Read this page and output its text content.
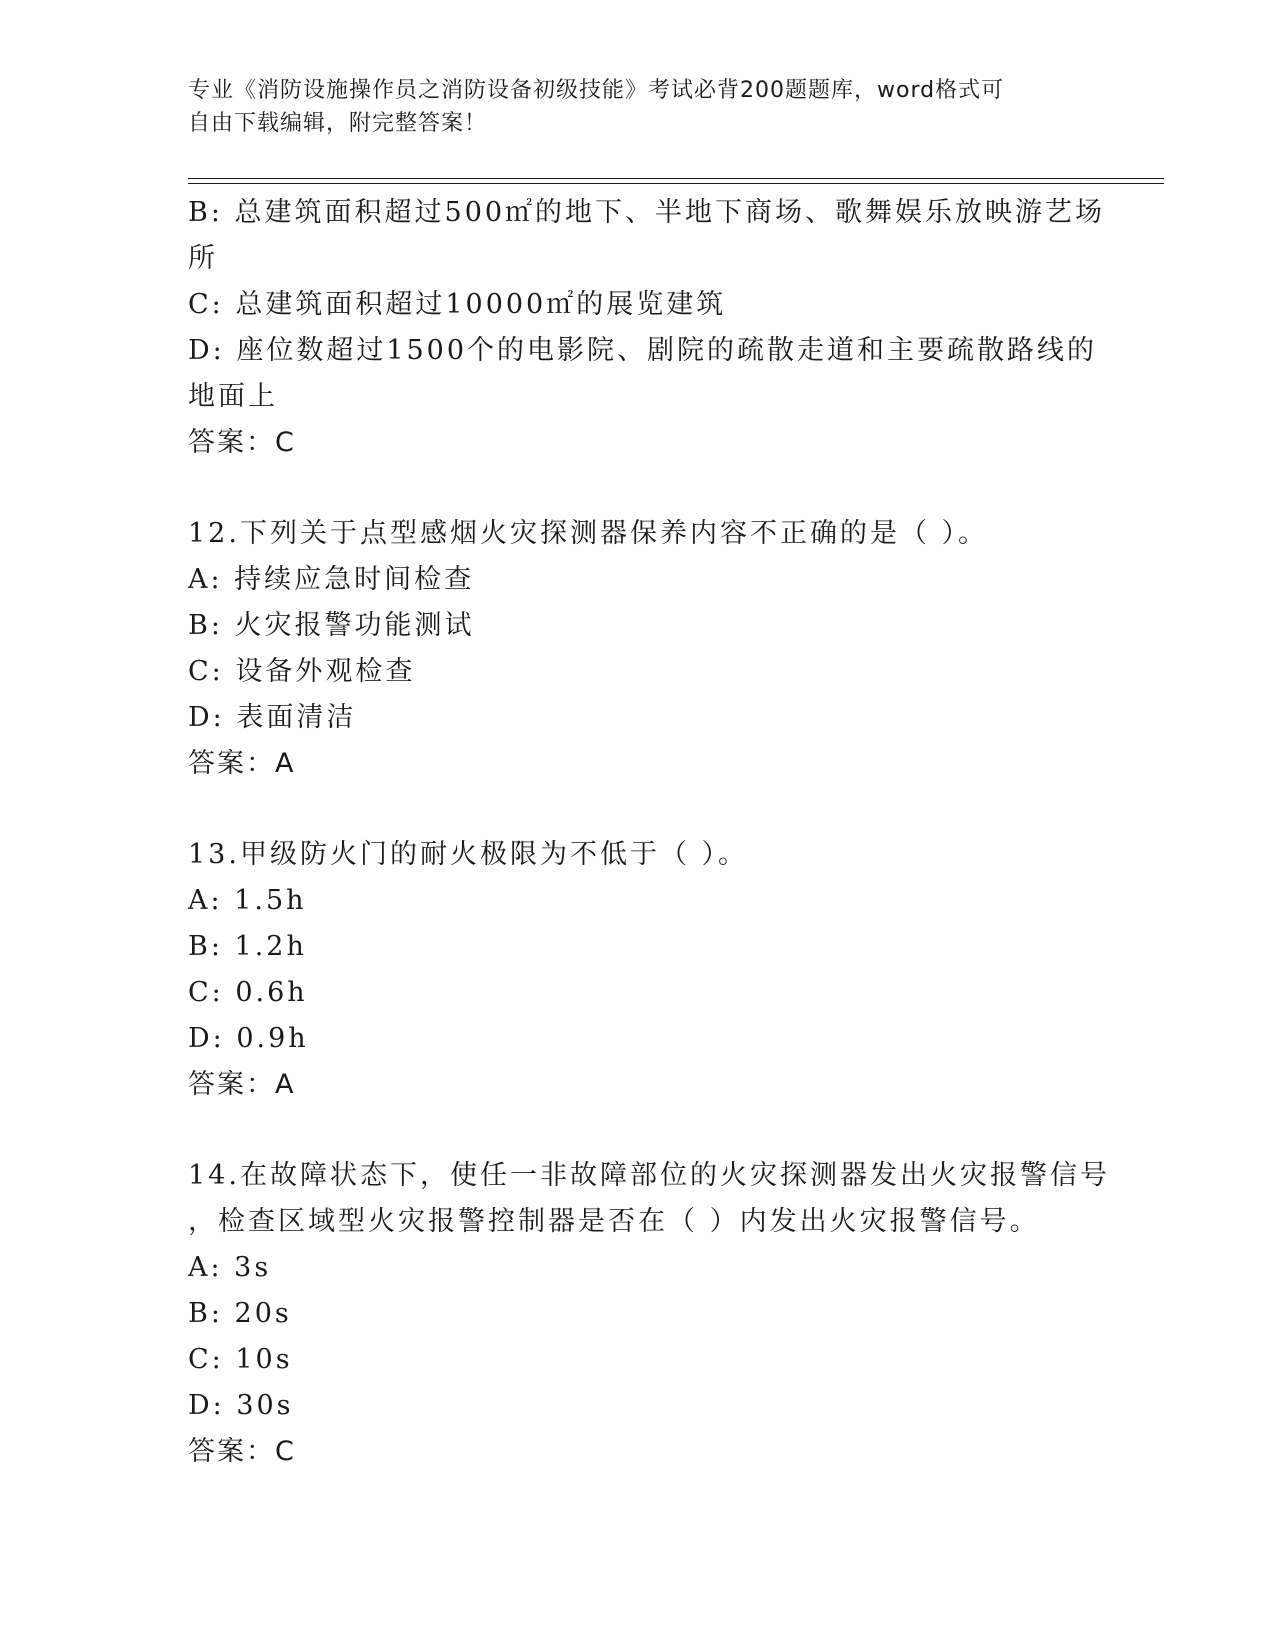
专业《消防设施操作员之消防设备初级技能》考试必背200题题库，word格式可
自由下载编辑，附完整答案！
B: 总建筑面积超过500㎡的地下、半地下商场、歌舞娱乐放映游艺场
所
C: 总建筑面积超过10000㎡的展览建筑
D: 座位数超过1500个的电影院、剧院的疏散走道和主要疏散路线的
地面上
答案：C
12.下列关于点型感烟火灾探测器保养内容不正确的是（ ）。
A: 持续应急时间检查
B: 火灾报警功能测试
C: 设备外观检查
D: 表面清洁
答案：A
13.甲级防火门的耐火极限为不低于（ ）。
A: 1.5h
B: 1.2h
C: 0.6h
D: 0.9h
答案：A
14.在故障状态下，使任一非故障部位的火灾探测器发出火灾报警信号
，检查区域型火灾报警控制器是否在（ ）内发出火灾报警信号。
A: 3s
B: 20s
C: 10s
D: 30s
答案：C
